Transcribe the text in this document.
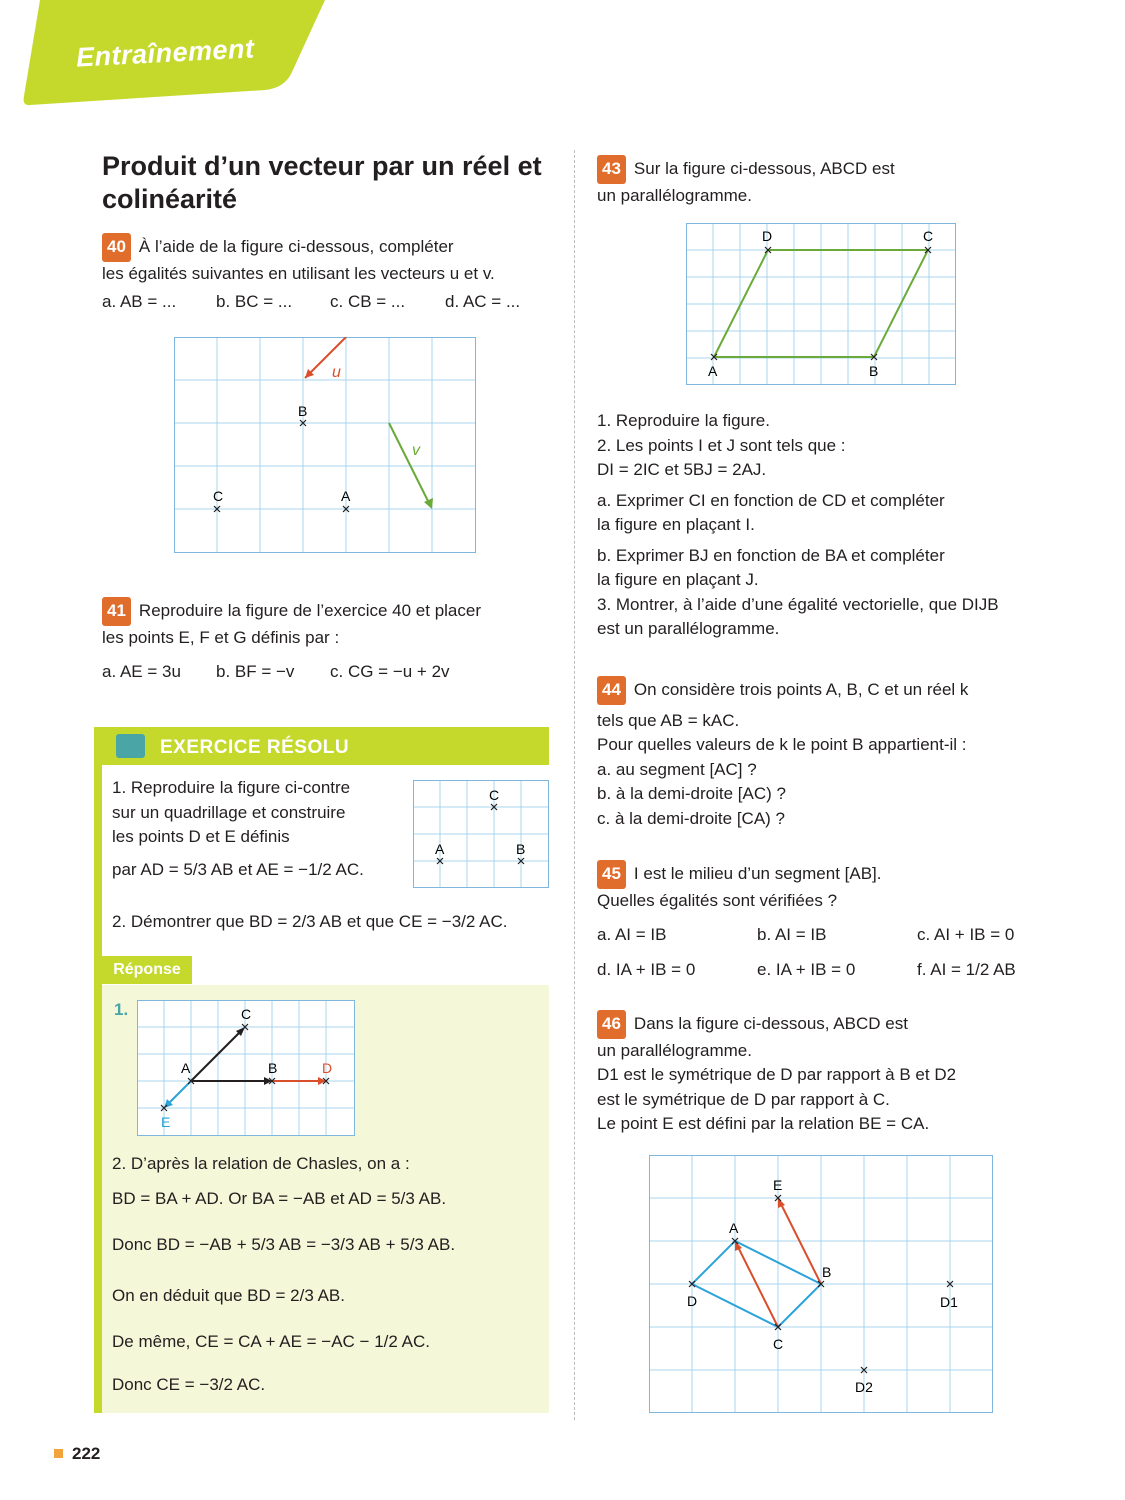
Entraînement
Produit d’un vecteur par un réel et colinéarité
40 À l’aide de la figure ci-dessous, compléter
les égalités suivantes en utilisant les vecteurs u et v.
a. AB = ...	b. BC = ...	c. CB = ...	d. AC = ...
u
v
B
C	A
41 Reproduire la figure de l’exercice 40 et placer
les points E, F et G définis par :
a. AE = 3u	b. BF = −v	c. CG = −u + 2v
42	EXERCICE RÉSOLU
1. Reproduire la figure ci-contre
sur un quadrillage et construire
les points D et E définis
par AD = 5/3 AB et AE = −1/2 AC.
C
A	B
2. Démontrer que BD = 2/3 AB et que CE = −3/2 AC.
Réponse
1.	C
A	B	D
E
2. D’après la relation de Chasles, on a :
BD = BA + AD. Or BA = −AB et AD = 5/3 AB.
Donc BD = −AB + 5/3 AB = −3/3 AB + 5/3 AB.
On en déduit que BD = 2/3 AB.
De même, CE = CA + AE = −AC − 1/2 AC.
Donc CE = −3/2 AC.
43 Sur la figure ci-dessous, ABCD est
un parallélogramme.
D	C
A	B
1. Reproduire la figure.
2. Les points I et J sont tels que :
DI = 2IC et 5BJ = 2AJ.
a. Exprimer CI en fonction de CD et compléter
la figure en plaçant I.
b. Exprimer BJ en fonction de BA et compléter
la figure en plaçant J.
3. Montrer, à l’aide d’une égalité vectorielle, que DIJB
est un parallélogramme.
44 On considère trois points A, B, C et un réel k
tels que AB = kAC.
Pour quelles valeurs de k le point B appartient-il :
a. au segment [AC] ?
b. à la demi-droite [AC) ?
c. à la demi-droite [CA) ?
45 I est le milieu d’un segment [AB].
Quelles égalités sont vérifiées ?
a. AI = IB	b. AI = IB	c. AI + IB = 0
d. IA + IB = 0	e. IA + IB = 0	f. AI = 1/2 AB
46 Dans la figure ci-dessous, ABCD est
un parallélogramme.
D1 est le symétrique de D par rapport à B et D2
est le symétrique de D par rapport à C.
Le point E est défini par la relation BE = CA.
E
A
B
D
C
D1
D2
222
